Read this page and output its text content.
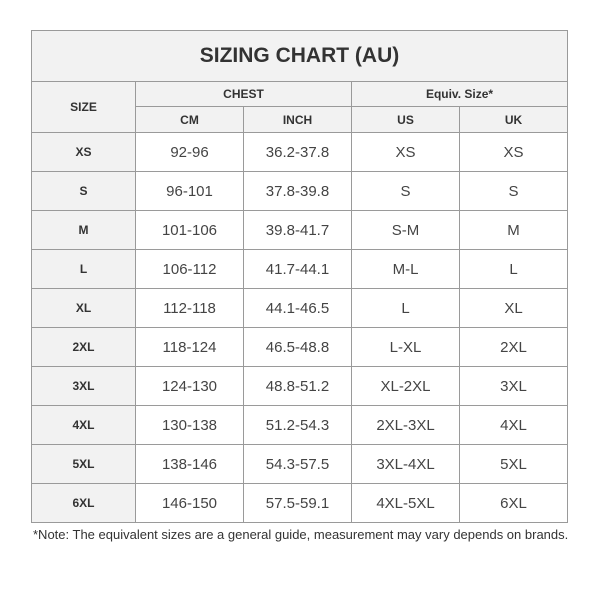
SIZING CHART (AU)				
SIZE	CHEST		Equiv. Size*	
	CM	INCH	US	UK
XS	92-96	36.2-37.8	XS	XS
S	96-101	37.8-39.8	S	S
M	101-106	39.8-41.7	S-M	M
L	106-112	41.7-44.1	M-L	L
XL	112-118	44.1-46.5	L	XL
2XL	118-124	46.5-48.8	L-XL	2XL
3XL	124-130	48.8-51.2	XL-2XL	3XL
4XL	130-138	51.2-54.3	2XL-3XL	4XL
5XL	138-146	54.3-57.5	3XL-4XL	5XL
6XL	146-150	57.5-59.1	4XL-5XL	6XL
*Note: The equivalent sizes are a general guide, measurement may vary depends on brands.
